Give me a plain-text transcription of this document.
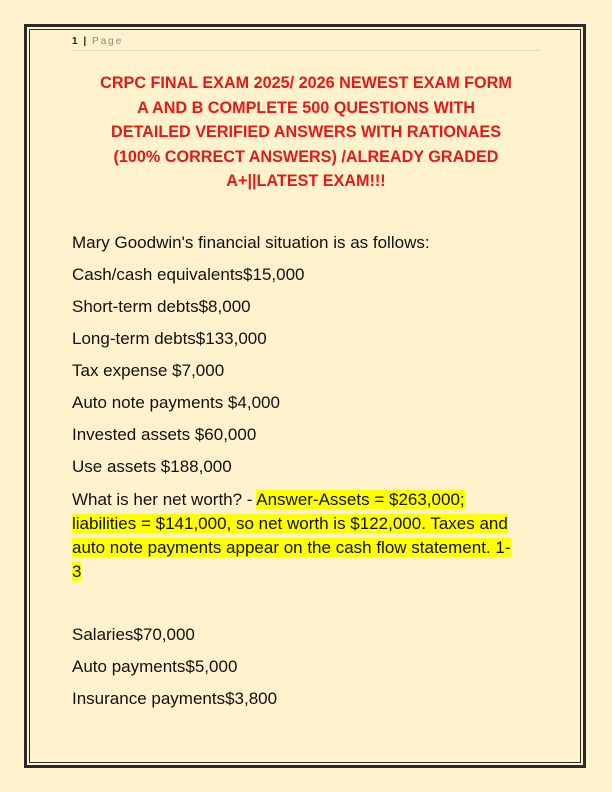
1 | Page
CRPC FINAL EXAM 2025/ 2026 NEWEST EXAM FORM
A AND B COMPLETE 500 QUESTIONS WITH
DETAILED VERIFIED ANSWERS WITH RATIONAES
(100% CORRECT ANSWERS) /ALREADY GRADED
A+||LATEST EXAM!!!
Mary Goodwin's financial situation is as follows:
Cash/cash equivalents$15,000
Short-term debts$8,000
Long-term debts$133,000
Tax expense $7,000
Auto note payments $4,000
Invested assets $60,000
Use assets $188,000
What is her net worth? - Answer-Assets = $263,000;
liabilities = $141,000, so net worth is $122,000. Taxes and
auto note payments appear on the cash flow statement. 1-
3
Salaries$70,000
Auto payments$5,000
Insurance payments$3,800
